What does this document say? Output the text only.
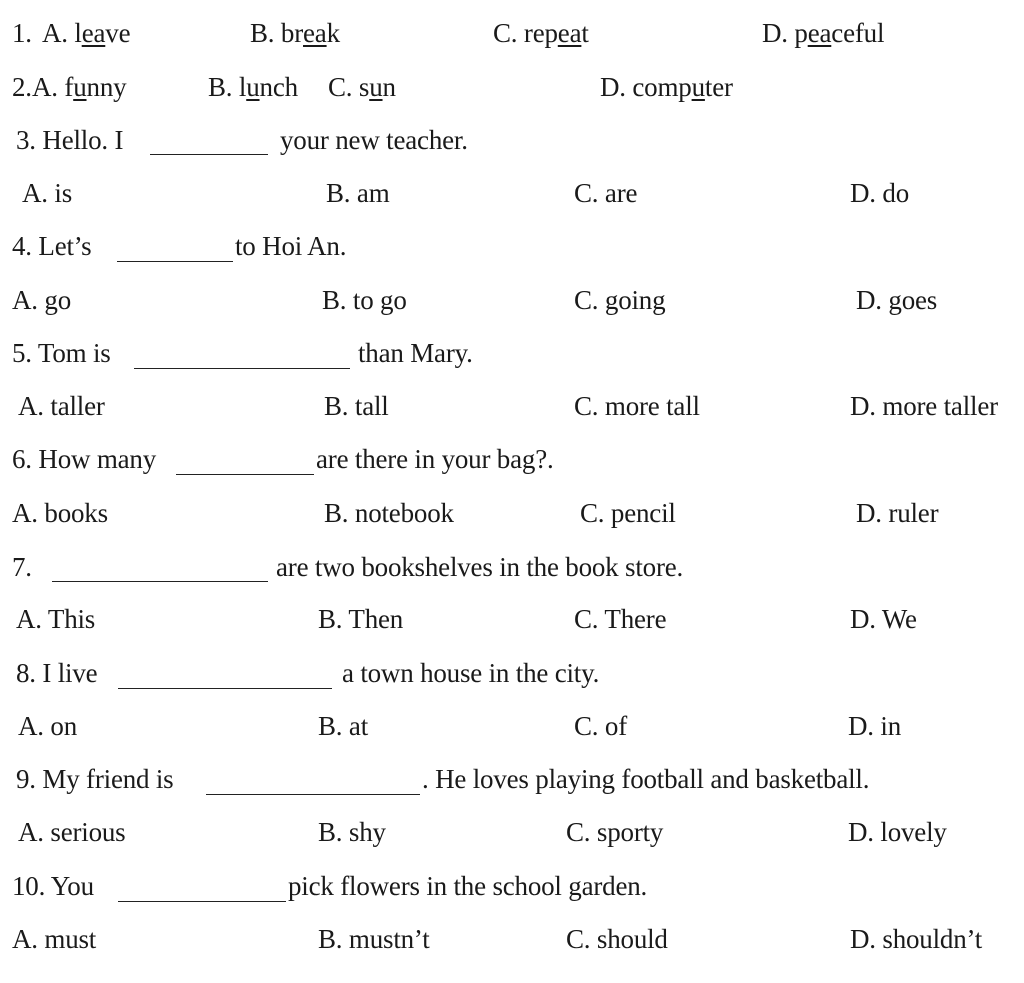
1. A. leave	B. break	C. repeat	D. peaceful
2. A. funny	B. lunch C. sun	D. computer
3. Hello. I	your new teacher.
A. is	B. am	C. are	D. do
4. Let’s	to Hoi An.
A. go	B. to go	C. going	D. goes
5. Tom is	than Mary.
A. taller	B. tall	C. more tall	D. more taller
6. How many	are there in your bag?.
A. books	B. notebook	C. pencil	D. ruler
7.	are two bookshelves in the book store.
A. This	B. Then	C. There	D. We
8. I live	a town house in the city.
A. on	B. at	C. of	D. in
9. My friend is	. He loves playing football and basketball.
A. serious	B. shy	C. sporty	D. lovely
10. You	pick flowers in the school garden.
A. must	B. mustn’t	C. should	D. shouldn’t
